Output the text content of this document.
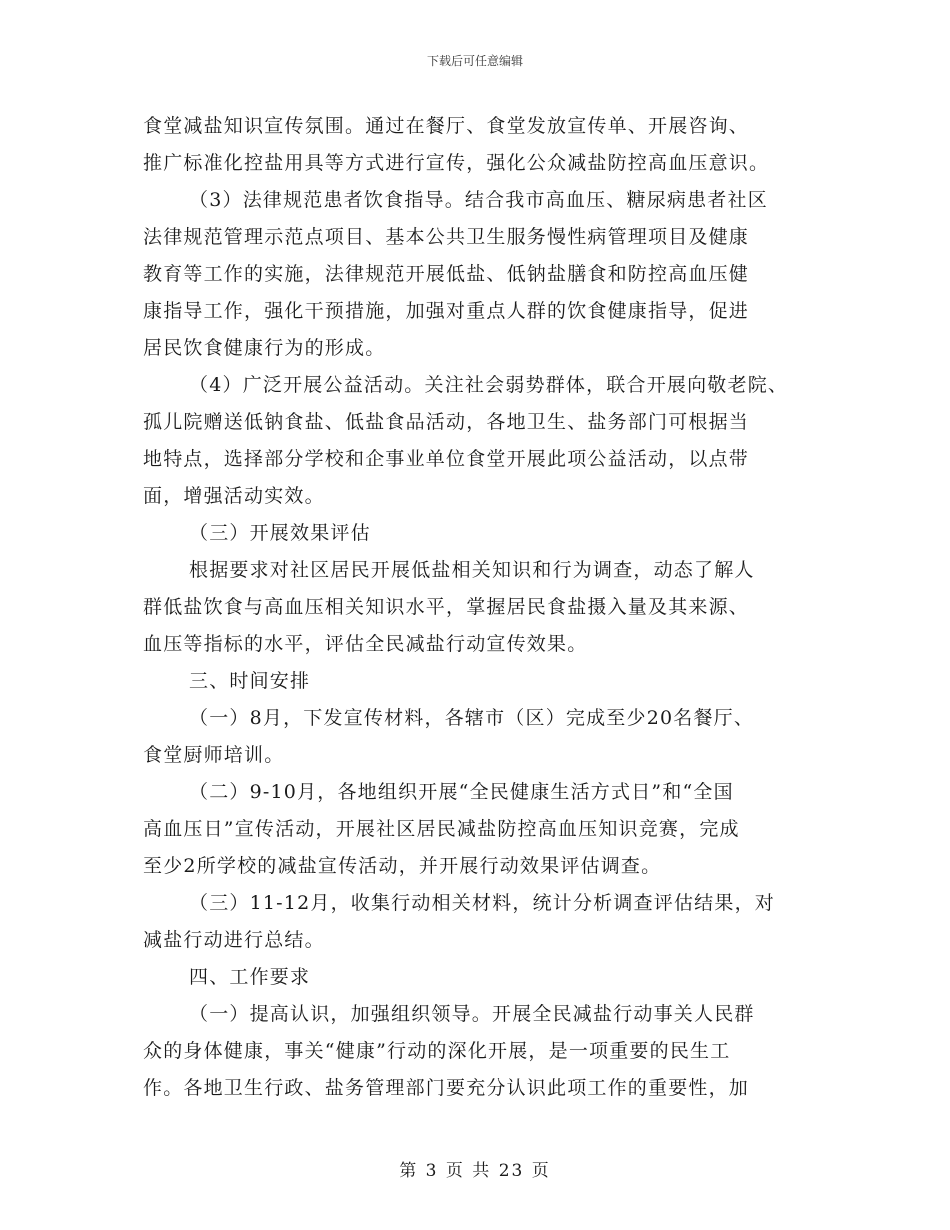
下载后可任意编辑
食堂减盐知识宣传氛围。通过在餐厅、食堂发放宣传单、开展咨询、
推广标准化控盐用具等方式进行宣传，强化公众减盐防控高血压意识。
（3）法律规范患者饮食指导。结合我市高血压、糖尿病患者社区
法律规范管理示范点项目、基本公共卫生服务慢性病管理项目及健康
教育等工作的实施，法律规范开展低盐、低钠盐膳食和防控高血压健
康指导工作，强化干预措施，加强对重点人群的饮食健康指导，促进
居民饮食健康行为的形成。
（4）广泛开展公益活动。关注社会弱势群体，联合开展向敬老院、
孤儿院赠送低钠食盐、低盐食品活动，各地卫生、盐务部门可根据当
地特点，选择部分学校和企事业单位食堂开展此项公益活动，以点带
面，增强活动实效。
（三）开展效果评估
根据要求对社区居民开展低盐相关知识和行为调查，动态了解人
群低盐饮食与高血压相关知识水平，掌握居民食盐摄入量及其来源、
血压等指标的水平，评估全民减盐行动宣传效果。
三、时间安排
（一）8月，下发宣传材料，各辖市（区）完成至少20名餐厅、
食堂厨师培训。
（二）9-10月，各地组织开展“全民健康生活方式日”和“全国
高血压日”宣传活动，开展社区居民减盐防控高血压知识竞赛，完成
至少2所学校的减盐宣传活动，并开展行动效果评估调查。
（三）11-12月，收集行动相关材料，统计分析调查评估结果，对
减盐行动进行总结。
四、工作要求
（一）提高认识，加强组织领导。开展全民减盐行动事关人民群
众的身体健康，事关“健康”行动的深化开展，是一项重要的民生工
作。各地卫生行政、盐务管理部门要充分认识此项工作的重要性，加
第 3 页 共 23 页
